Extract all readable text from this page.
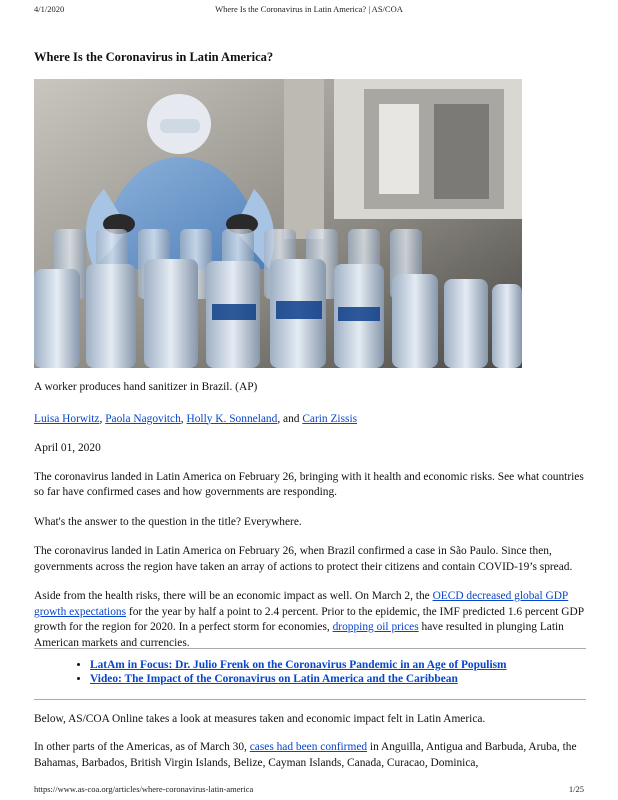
4/1/2020	Where Is the Coronavirus in Latin America? | AS/COA
Where Is the Coronavirus in Latin America?

A worker produces hand sanitizer in Brazil. (AP)

Luisa Horwitz, Paola Nagovitch, Holly K. Sonneland, and Carin Zissis

April 01, 2020

The coronavirus landed in Latin America on February 26, bringing with it health and economic risks. See what countries so far have confirmed cases and how governments are responding.

What's the answer to the question in the title? Everywhere.

The coronavirus landed in Latin America on February 26, when Brazil confirmed a case in São Paulo. Since then, governments across the region have taken an array of actions to protect their citizens and contain COVID-19’s spread.

Aside from the health risks, there will be an economic impact as well. On March 2, the OECD decreased global GDP growth expectations for the year by half a point to 2.4 percent. Prior to the epidemic, the IMF predicted 1.6 percent GDP growth for the region for 2020. In a perfect storm for economies, dropping oil prices have resulted in plunging Latin American markets and currencies.

• LatAm in Focus: Dr. Julio Frenk on the Coronavirus Pandemic in an Age of Populism
• Video: The Impact of the Coronavirus on Latin America and the Caribbean

Below, AS/COA Online takes a look at measures taken and economic impact felt in Latin America.

In other parts of the Americas, as of March 30, cases had been confirmed in Anguilla, Antigua and Barbuda, Aruba, the Bahamas, Barbados, British Virgin Islands, Belize, Cayman Islands, Canada, Curacao, Dominica,

https://www.as-coa.org/articles/where-coronavirus-latin-america	1/25
